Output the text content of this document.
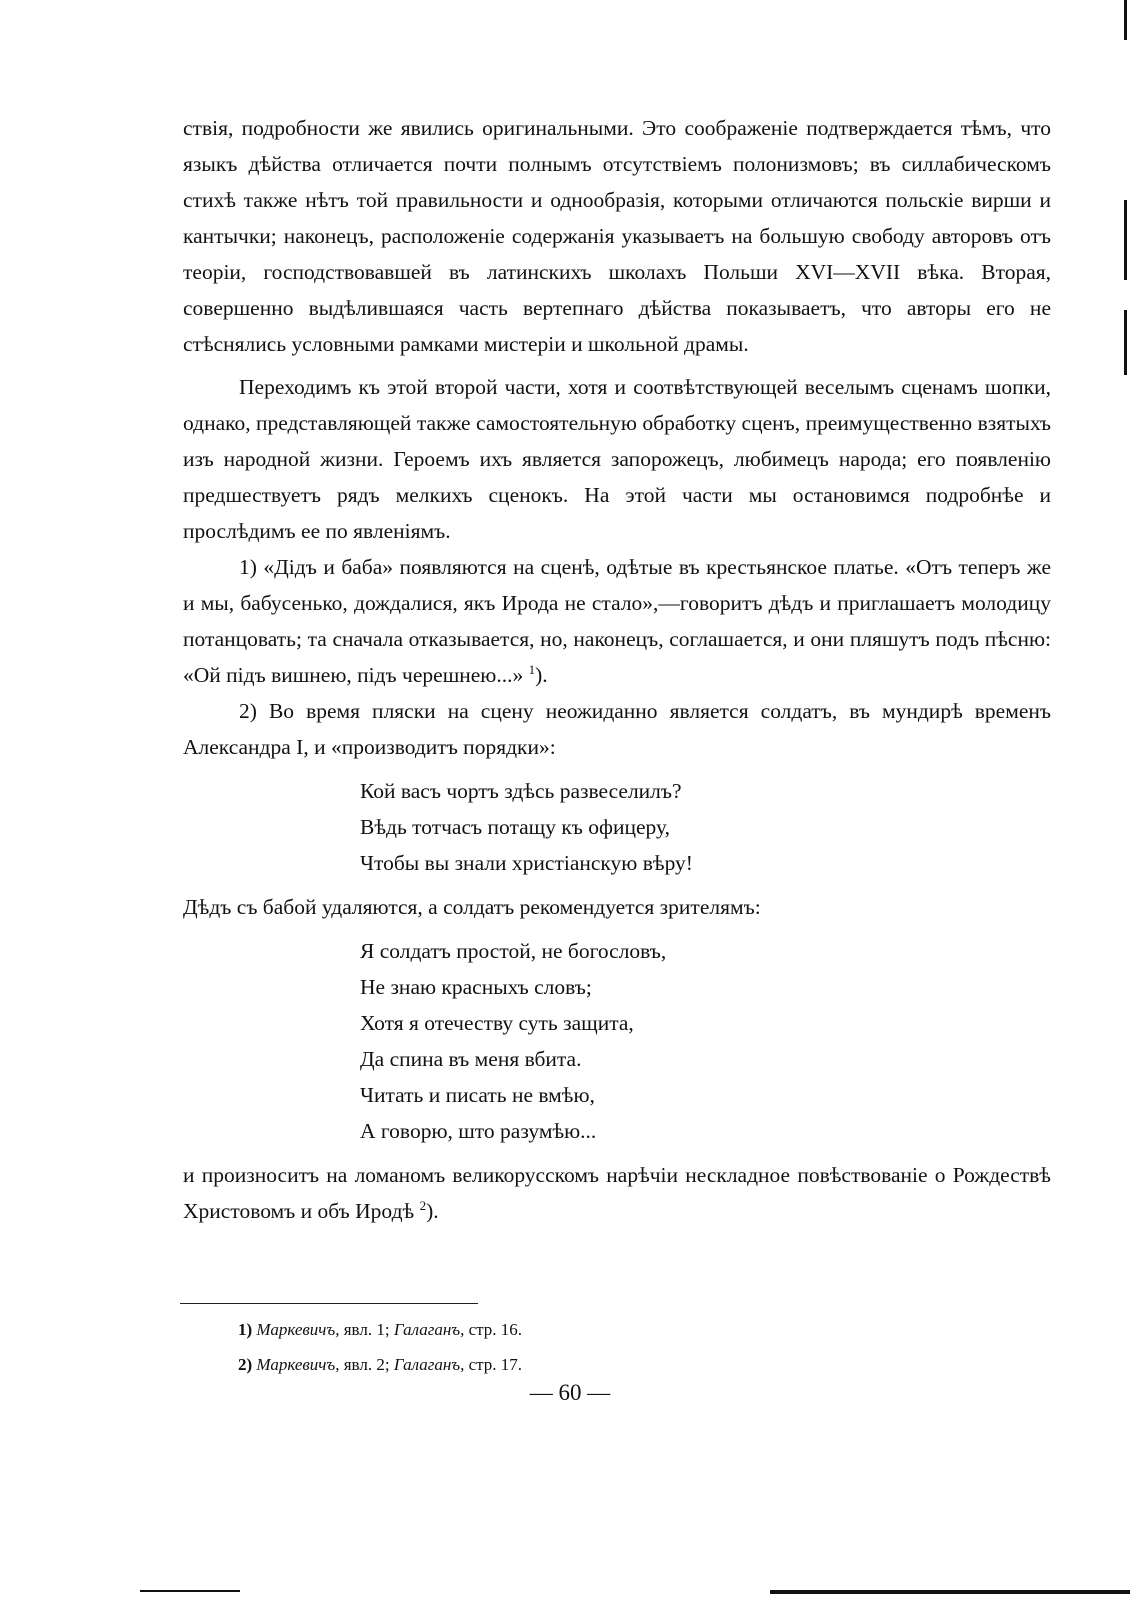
ствія, подробности же явились оригинальными. Это соображеніе подтверждается тѣмъ, что языкъ дѣйства отличается почти полнымъ отсутствіемъ полонизмовъ; въ силлабическомъ стихѣ также нѣтъ той правильности и однообразія, которыми отличаются польскіе вирши и кантычки; наконецъ, расположеніе содержанія указываетъ на большую свободу авторовъ отъ теоріи, господствовавшей въ латинскихъ школахъ Польши XVI—XVII вѣка. Вторая, совершенно выдѣлившаяся часть вертепнаго дѣйства показываетъ, что авторы его не стѣснялись условными рамками мистеріи и школьной драмы.

Переходимъ къ этой второй части, хотя и соотвѣтствующей веселымъ сценамъ шопки, однако, представляющей также самостоятельную обработку сценъ, преимущественно взятыхъ изъ народной жизни. Героемъ ихъ является запорожецъ, любимецъ народа; его появленію предшествуетъ рядъ мелкихъ сценокъ. На этой части мы остановимся подробнѣе и прослѣдимъ ее по явленіямъ.

1) «Дідъ и баба» появляются на сценѣ, одѣтые въ крестьянское платье. «Отъ теперъ же и мы, бабусенько, дождалися, якъ Ирода не стало»,—говоритъ дѣдъ и приглашаетъ молодицу потанцовать; та сначала отказывается, но, наконецъ, соглашается, и они пляшутъ подъ пѣсню: «Ой підъ вишнею, підъ черешнею...» $^1$).

2) Во время пляски на сцену неожиданно является солдатъ, въ мундирѣ временъ Александра I, и «производитъ порядки»:

Кой васъ чортъ здѣсь развеселилъ?
Вѣдь тотчасъ потащу къ офицеру,
Чтобы вы знали христіанскую вѣру!

Дѣдъ съ бабой удаляются, а солдатъ рекомендуется зрителямъ:

Я солдатъ простой, не богословъ,
Не знаю красныхъ словъ;
Хотя я отечеству суть защита,
Да спина въ меня вбита.
Читать и писать не вмѣю,
А говорю, што разумѣю...

и произноситъ на ломаномъ великорусскомъ нарѣчіи нескладное повѣствованіе о Рождествѣ Христовомъ и объ Иродѣ $^2$).

1) Маркевичъ, явл. 1; Галаганъ, стр. 16.
2) Маркевичъ, явл. 2; Галаганъ, стр. 17.
— 60 —
